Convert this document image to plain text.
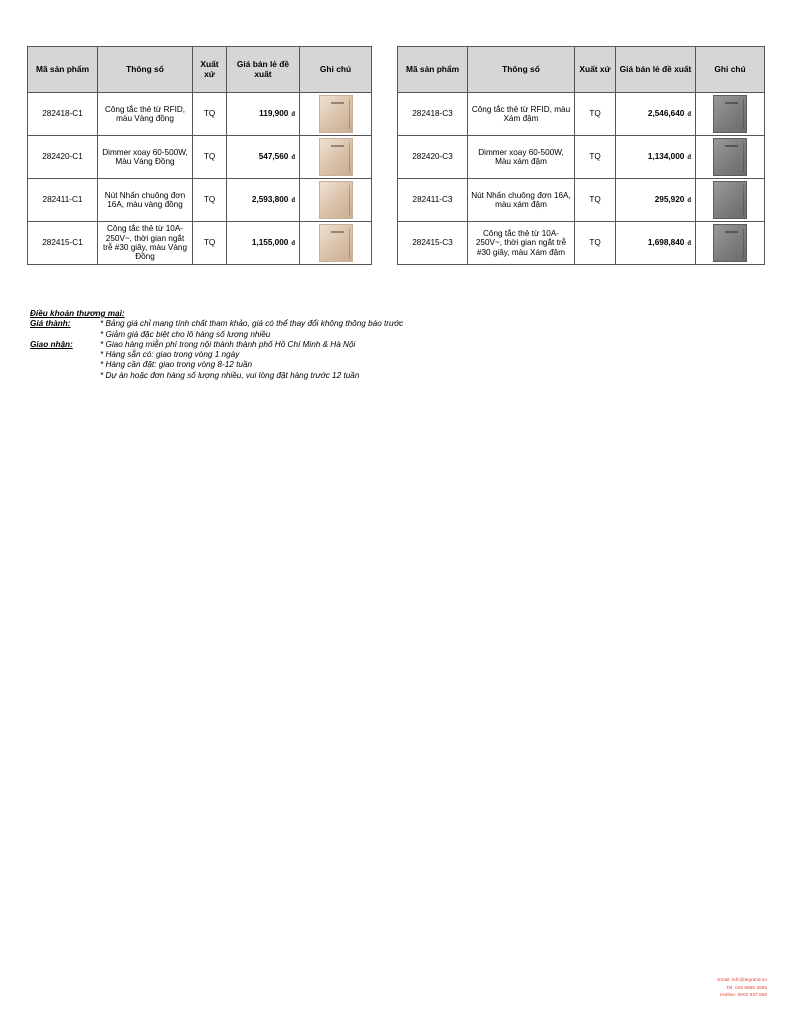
Mã sản phẩm	Thông số	Xuất xứ	Giá bán lẻ đề xuất	Ghi chú
282418-C1	Công tắc thẻ từ RFID, màu Vàng đồng	TQ	119,900 đ	

282420-C1	Dimmer xoay 60-500W, Màu Vàng Đồng	TQ	547,560 đ	

282411-C1	Nút Nhấn chuông đơn 16A, màu vàng đồng	TQ	2,593,800 đ	

282415-C1	Công tắc thẻ từ 10A-250V~, thời gian ngắt trễ #30 giây, màu Vàng Đồng	TQ	1,155,000 đ	
Mã sản phẩm	Thông số	Xuất xứ	Giá bán lẻ đề xuất	Ghi chú
282418-C3	Công tắc thẻ từ RFID, màu Xám đậm	TQ	2,546,640 đ	

282420-C3	Dimmer xoay 60-500W, Màu xám đậm	TQ	1,134,000 đ	

282411-C3	Nút Nhấn chuông đơn 16A, màu xám đậm	TQ	295,920 đ	

282415-C3	Công tắc thẻ từ 10A-250V~, thời gian ngắt trễ #30 giây, màu Xám đậm	TQ	1,698,840 đ	
Điều khoản thương mại:
Giá thành:	* Bảng giá chỉ mang tính chất tham khảo, giá có thể thay đổi không thông báo trước
* Giảm giá đặc biệt cho lô hàng số lượng nhiều
Giao nhận:	* Giao hàng miễn phí trong nội thành thành phố Hồ Chí Minh & Hà Nội
* Hàng sẵn có: giao trong vòng 1 ngày
* Hàng cần đặt: giao trong vòng 8-12 tuần
* Dự án hoặc đơn hàng số lượng nhiều, vui lòng đặt hàng trước 12 tuần
Email: info@legrand.vn
Tel: 028 6685 3655
Hotline: 0902 937 655
